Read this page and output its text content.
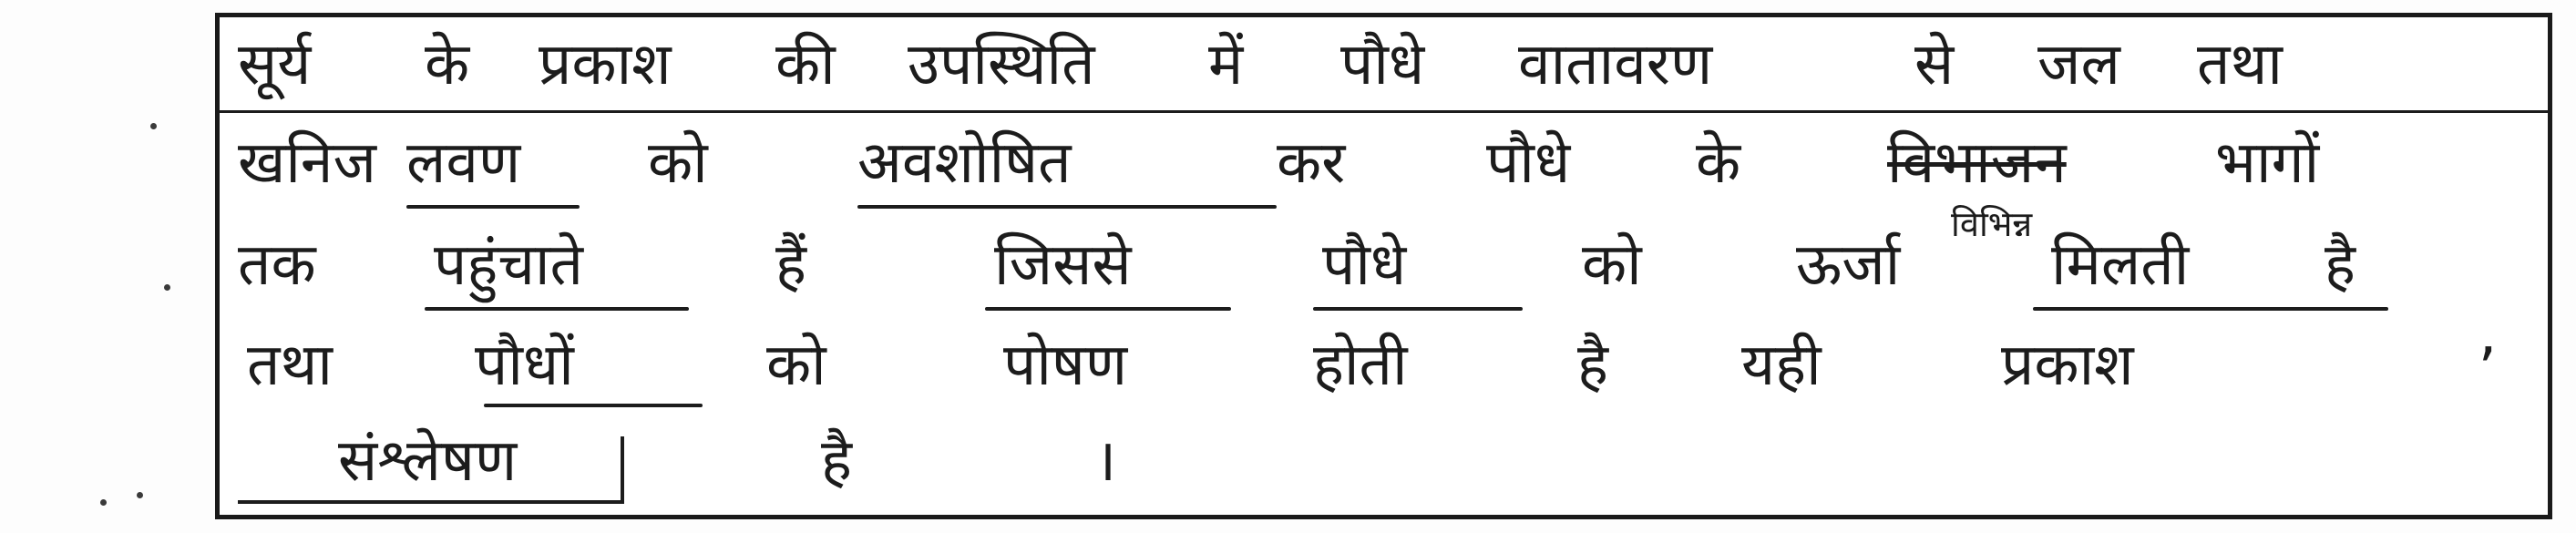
सूर्य के प्रकाश की उपस्थिति में पौधे वातावरण	से जल तथा
खनिज लवण को	अवशोषित	कर पौधे के	विभाजन	भागों
विभिन्न
तक पहुंचाते	हैं	जिससे	पौधे	को	ऊर्जा	मिलती है
तथा पौधों	को	पोषण	होती	है यही	प्रकाश
संश्लेषण	है	।
,
